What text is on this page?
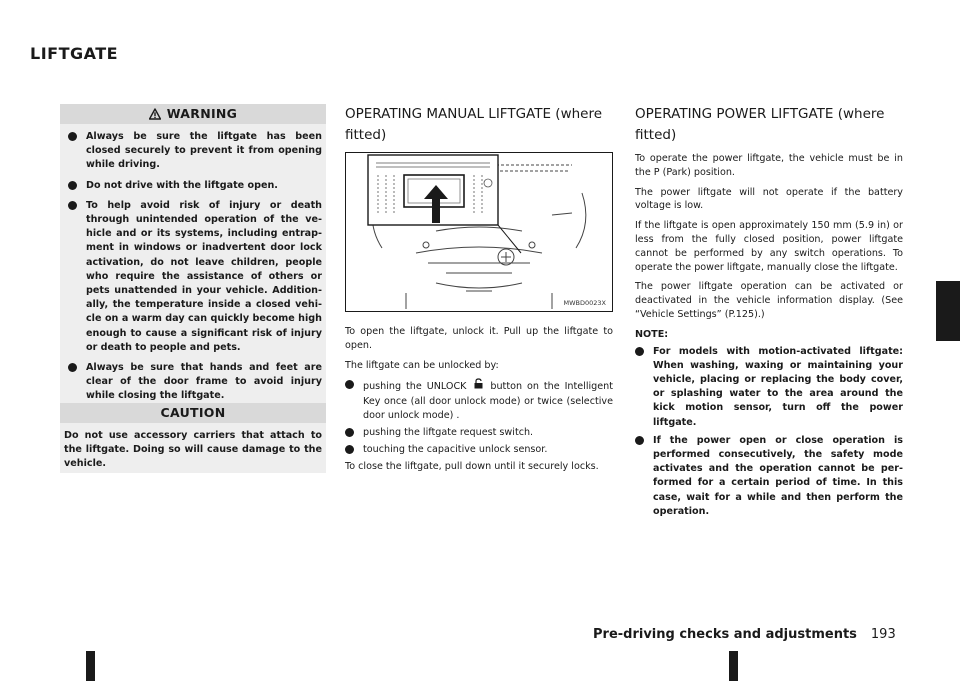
LIFTGATE
WARNING
Always be sure the liftgate has been closed securely to prevent it from opening while driving.
Do not drive with the liftgate open.
To help avoid risk of injury or death through unintended operation of the ve-hicle and or its systems, including entrap-ment in windows or inadvertent door lock activation, do not leave children, people who require the assistance of others or pets unattended in your vehicle. Addition-ally, the temperature inside a closed vehi-cle on a warm day can quickly become high enough to cause a significant risk of injury or death to people and pets.
Always be sure that hands and feet are clear of the door frame to avoid injury while closing the liftgate.
CAUTION
Do not use accessory carriers that attach to the liftgate. Doing so will cause damage to the vehicle.
OPERATING MANUAL LIFTGATE (where fitted)
MWBD0023X

To open the liftgate, unlock it. Pull up the liftgate to open.

The liftgate can be unlocked by:

pushing the UNLOCK button on the Intelligent Key once (all door unlock mode) or twice (selective door unlock mode) .
pushing the liftgate request switch.
touching the capacitive unlock sensor.

To close the liftgate, pull down until it securely locks.

OPERATING POWER LIFTGATE (where fitted)

To operate the power liftgate, the vehicle must be in the P (Park) position.

The power liftgate will not operate if the battery voltage is low.

If the liftgate is open approximately 150 mm (5.9 in) or less from the fully closed position, power liftgate cannot be performed by any switch operations. To operate the power liftgate, manually close the liftgate.

The power liftgate operation can be activated or deactivated in the vehicle information display. (See “Vehicle Settings” (P.125).)

NOTE:
For models with motion-activated liftgate: When washing, waxing or maintaining your vehicle, placing or replacing the body cover, or splashing water to the area around the kick motion sensor, turn off the power liftgate.
If the power open or close operation is performed consecutively, the safety mode activates and the operation cannot be per-formed for a certain period of time. In this case, wait for a while and then perform the operation.
Pre-driving checks and adjustments 193
